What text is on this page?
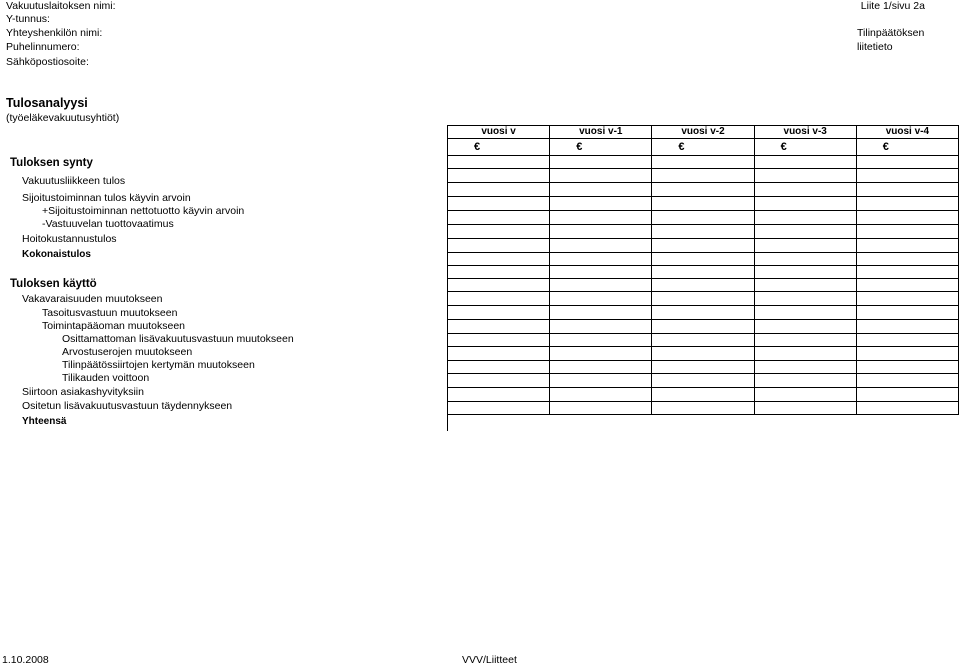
Vakuutuslaitoksen nimi:
Y-tunnus:
Yhteyshenkilön nimi:
Puhelinnumero:
Sähköpostiosoite:
Liite 1/sivu 2a
Tilinpäätöksen
liitetieto
Tulosanalyysi
(työeläkevakuutusyhtiöt)
Tuloksen synty
Vakuutusliikkeen tulos
Sijoitustoiminnan tulos käyvin arvoin
+Sijoitustoiminnan nettotuotto käyvin arvoin
-Vastuuvelan tuottovaatimus
Hoitokustannustulos
Kokonaistulos
Tuloksen käyttö
Vakavaraisuuden muutokseen
Tasoitusvastuun muutokseen
Toimintapääoman muutokseen
Osittamattoman lisävakuutusvastuun muutokseen
Arvostuserojen muutokseen
Tilinpäätössiirtojen kertymän muutokseen
Tilikauden voittoon
Siirtoon asiakashyvityksiin
Ositetun lisävakuutusvastuun täydennykseen
Yhteensä
vuosi v	vuosi v-1	vuosi v-2	vuosi v-3	vuosi v-4
€	€	€	€	€
1.10.2008	VVV/Liitteet
